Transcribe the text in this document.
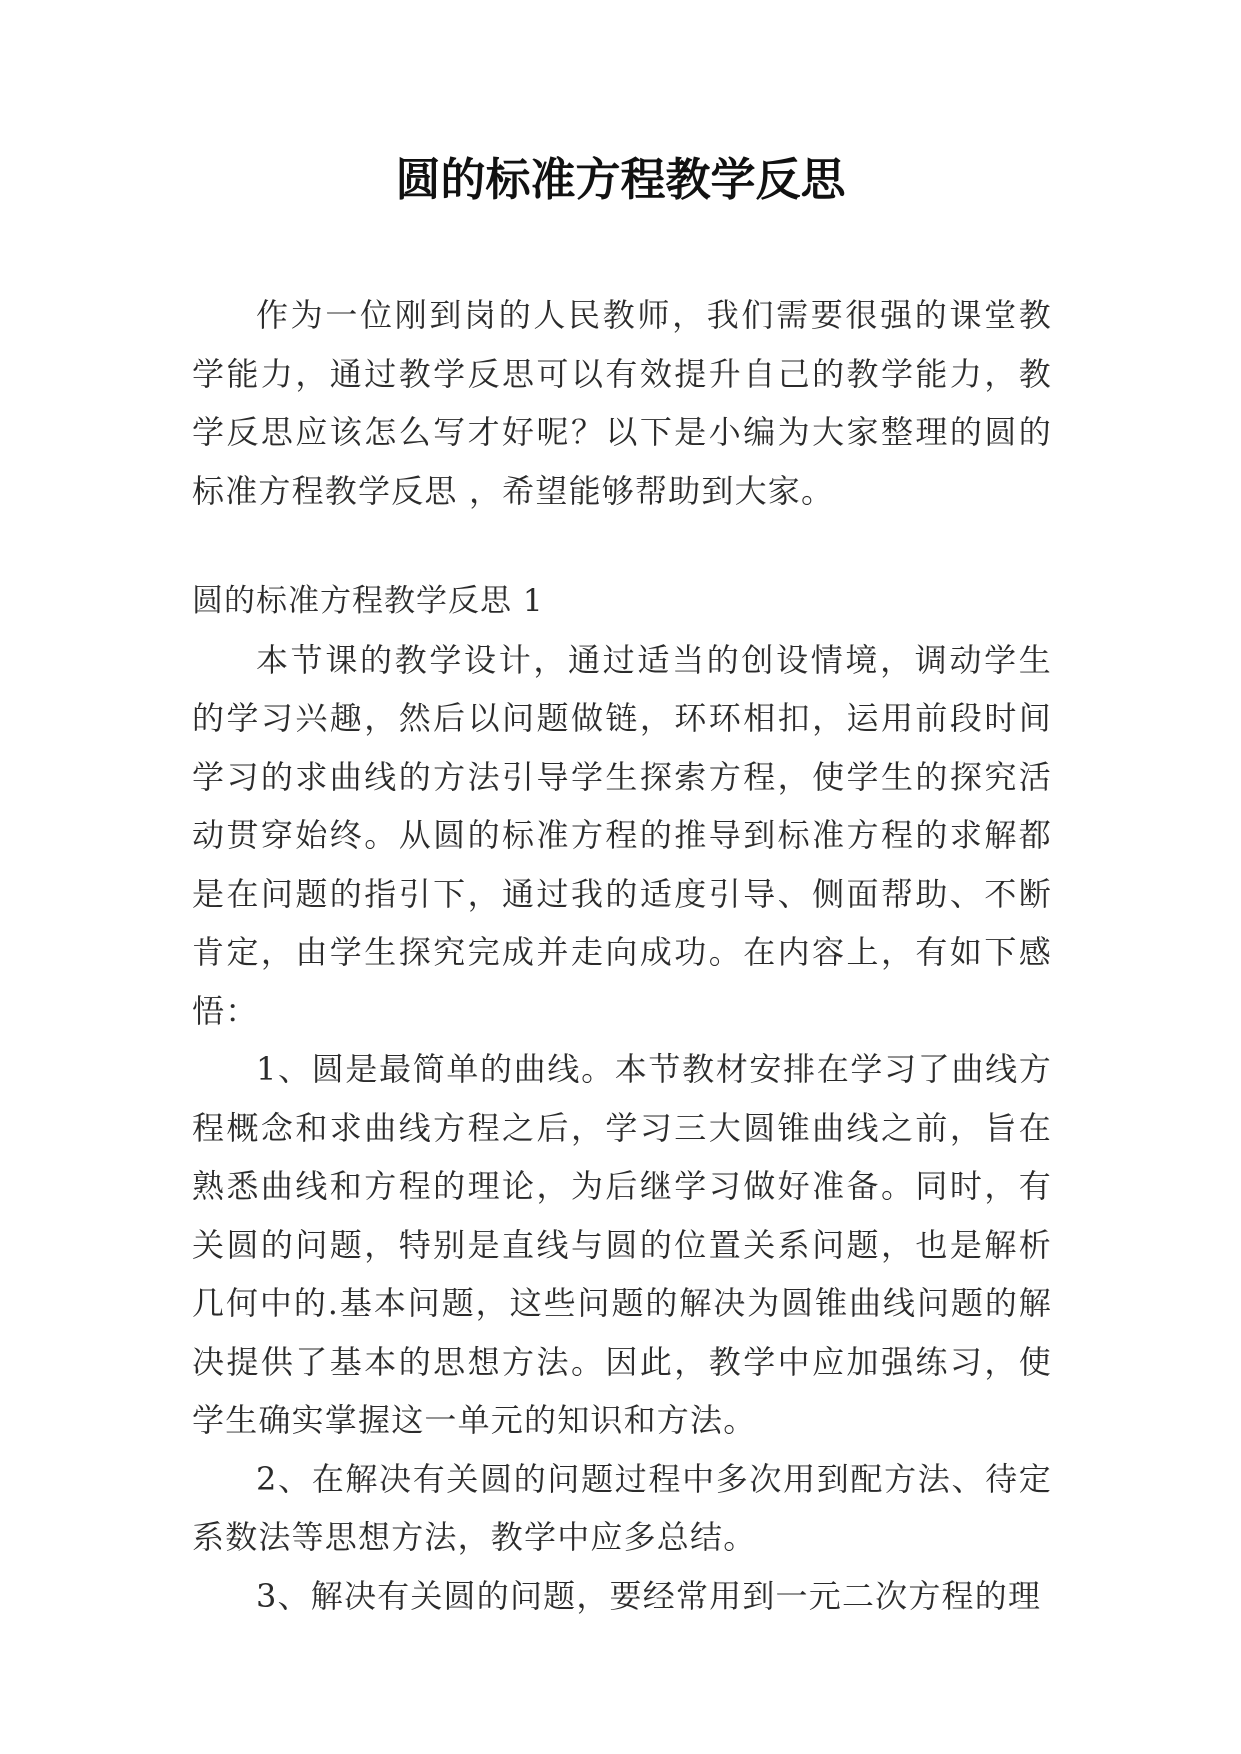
圆的标准方程教学反思

作为一位刚到岗的人民教师，我们需要很强的课堂教学能力，通过教学反思可以有效提升自己的教学能力，教学反思应该怎么写才好呢？以下是小编为大家整理的圆的标准方程教学反思 ，希望能够帮助到大家。

圆的标准方程教学反思 1

本节课的教学设计，通过适当的创设情境，调动学生的学习兴趣，然后以问题做链，环环相扣，运用前段时间学习的求曲线的方法引导学生探索方程，使学生的探究活动贯穿始终。从圆的标准方程的推导到标准方程的求解都是在问题的指引下，通过我的适度引导、侧面帮助、不断肯定，由学生探究完成并走向成功。在内容上，有如下感悟：

1、圆是最简单的曲线。本节教材安排在学习了曲线方程概念和求曲线方程之后，学习三大圆锥曲线之前，旨在熟悉曲线和方程的理论，为后继学习做好准备。同时，有关圆的问题，特别是直线与圆的位置关系问题，也是解析几何中的.基本问题，这些问题的解决为圆锥曲线问题的解决提供了基本的思想方法。因此，教学中应加强练习，使学生确实掌握这一单元的知识和方法。

2、在解决有关圆的问题过程中多次用到配方法、待定系数法等思想方法，教学中应多总结。

3、解决有关圆的问题，要经常用到一元二次方程的理
